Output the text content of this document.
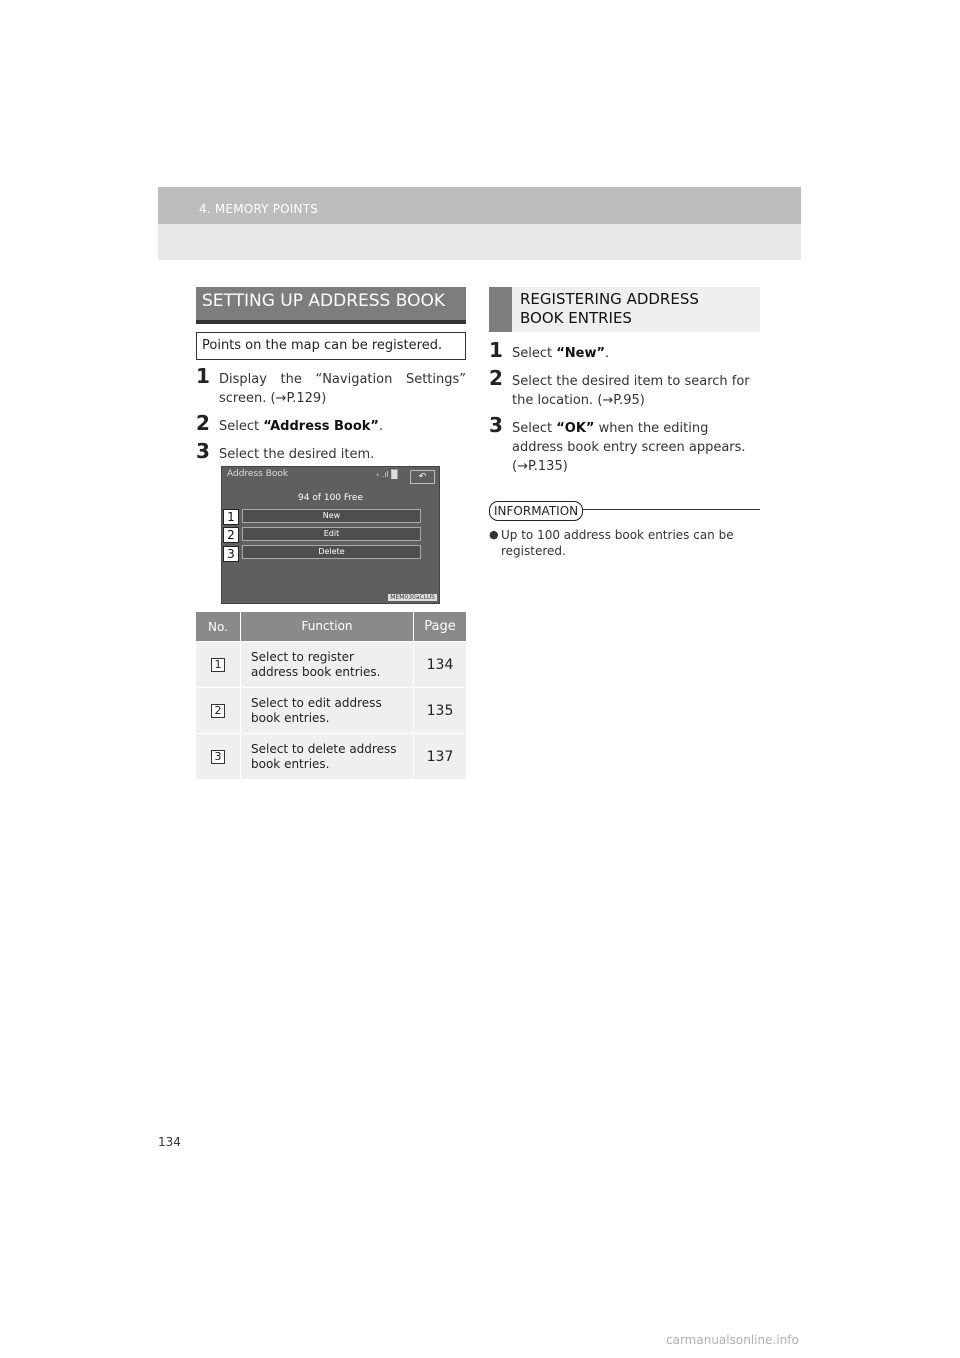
4. MEMORY POINTS
SETTING UP ADDRESS BOOK
Points on the map can be registered.
1 Display the “Navigation Settings” screen. (→P.129)
2 Select “Address Book”.
3 Select the desired item.
Address Book	‹ .ıl █	↶
94 of 100 Free
New
Edit
Delete
MEM030aCLUS
1
2
3
No.	Function	Page
1
Select to register address book entries.	134
2
Select to edit address book entries.	135
3
Select to delete address book entries.	137
REGISTERING ADDRESS
BOOK ENTRIES
1 Select “New”.
2 Select the desired item to search for the location. (→P.95)
3 Select “OK” when the editing address book entry screen appears. (→P.135)
INFORMATION
● Up to 100 address book entries can be registered.
134
carmanualsonline.info
